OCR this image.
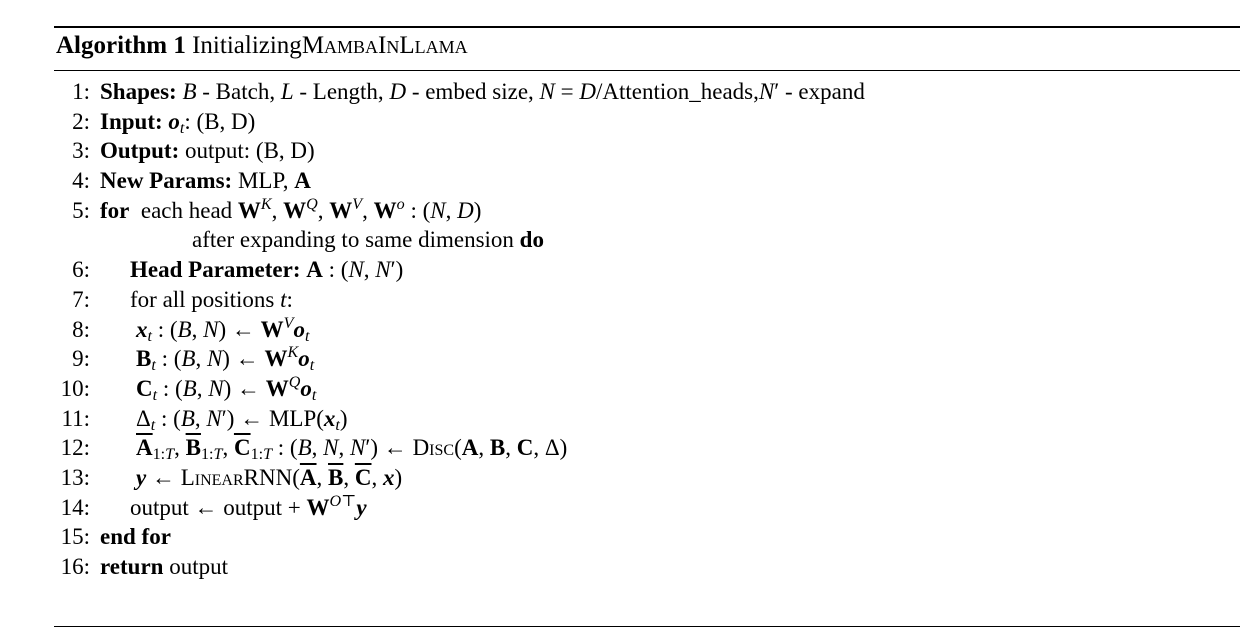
Algorithm 1 InitializingMambaInLlama
1: Shapes: B - Batch, L - Length, D - embed size, N = D/Attention_heads,N′ - expand
2: Input: $o_t$: (B, D)
3: Output: output: (B, D)
4: New Params: MLP, A
5: for each head $W^K$, $W^Q$, $W^V$, $W^o$ : (N, D)
after expanding to same dimension do
6: Head Parameter: A : (N, N′)
7: for all positions t:
8: $x_t$ : (B, N) ← $W^Vo_t$
9: $B_t$ : (B, N) ← $W^Ko_t$
10: $C_t$ : (B, N) ← $W^Qo_t$
11: $\Delta_t$ : (B, N′) ← $MLP(x_t)$
12: $\overline{A}_{1:T}$, $\overline{B}_{1:T}$, $\overline{C}_{1:T}$ : (B, N, N′) ← Disc(A, B, C, Δ)
13: y ← $LinearRNN(\overline{A}$, $\overline{B}$, $\overline{C}$, x)
14: output ← output + $W^{O⊤}y$
15: end for
16: return output
